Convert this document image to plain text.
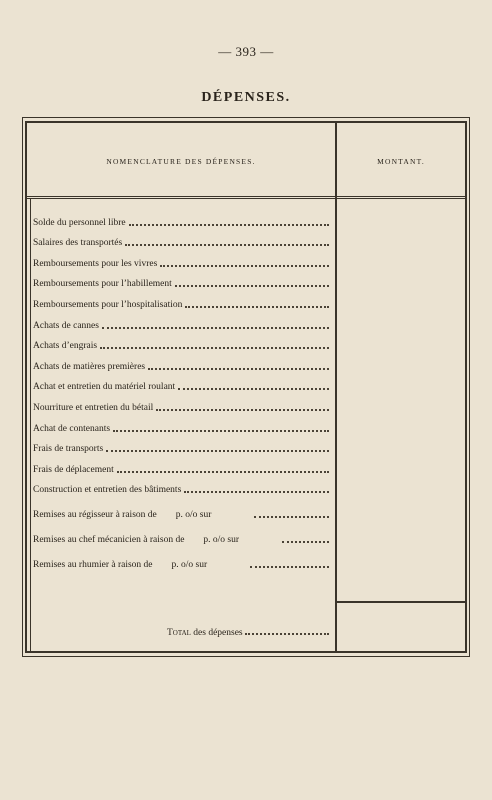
— 393 —
DÉPENSES.
NOMENCLATURE DES DÉPENSES.	MONTANT.
Solde du personnel libre
Salaires des transportés
Remboursements pour les vivres
Remboursements pour l’habillement
Remboursements pour l’hospitalisation
Achats de cannes
Achats d’engrais
Achats de matières premières
Achat et entretien du matériel roulant
Nourriture et entretien du bétail
Achat de contenants
Frais de transports
Frais de déplacement
Construction et entretien des bâtiments
Remises au régisseur à raison de p. o/o sur
Remises au chef mécanicien à raison de p. o/o sur
Remises au rhumier à raison de p. o/o sur
Total des dépenses
